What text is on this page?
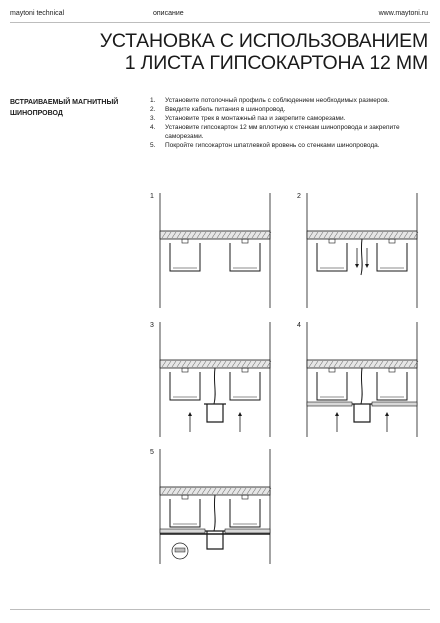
maytoni technical	описание	www.maytoni.ru
УСТАНОВКА С ИСПОЛЬЗОВАНИЕМ
1 ЛИСТА ГИПСОКАРТОНА 12 ММ
ВСТРАИВАЕМЫЙ МАГНИТНЫЙ
ШИНОПРОВОД
1. Установите потолочный профиль с соблюдением необходимых размеров.
2. Введите кабель питания в шинопровод.
3. Установите трек в монтажный паз и закрепите саморезами.
4. Установите гипсокартон 12 мм вплотную к стенкам шинопровода и закрепите саморезами.
5. Покройте гипсокартон шпатлевкой вровень со стенками шинопровода.
1	2
3	4
5
